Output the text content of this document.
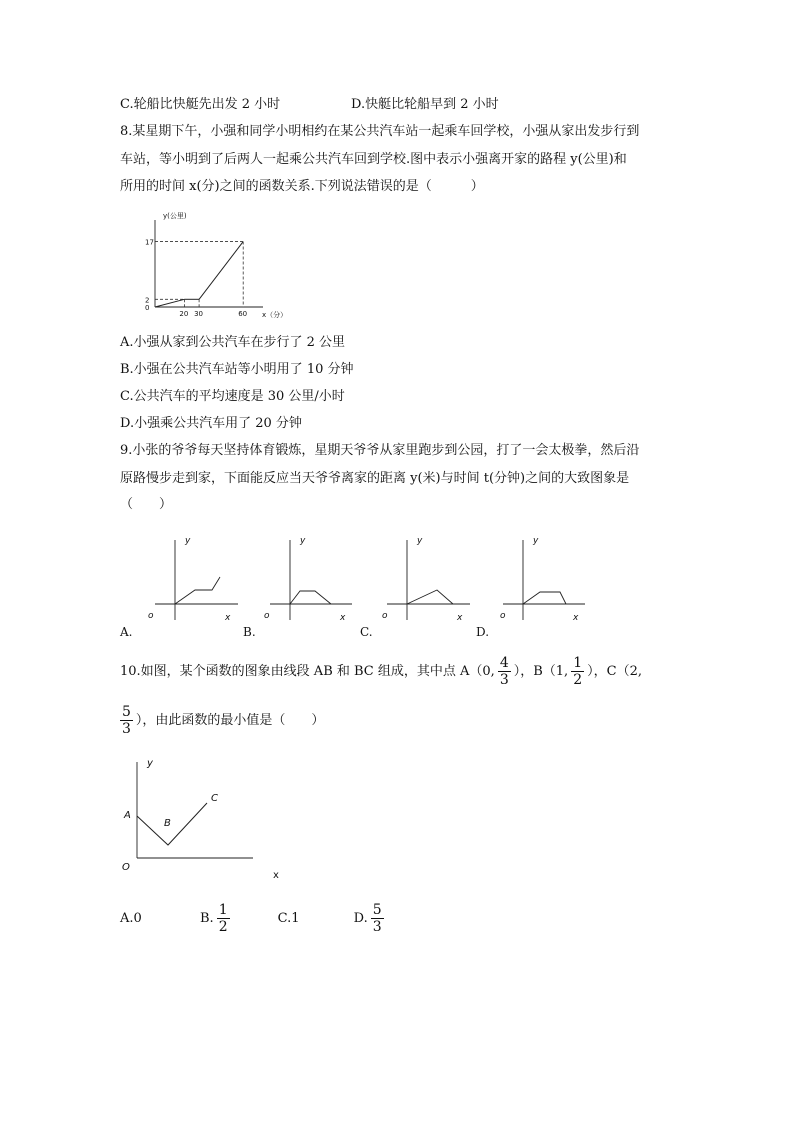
C.轮船比快艇先出发 2 小时	D.快艇比轮船早到 2 小时
8.某星期下午，小强和同学小明相约在某公共汽车站一起乘车回学校，小强从家出发步行到
车站，等小明到了后两人一起乘公共汽车回到学校.图中表示小强离开家的路程 y(公里)和
所用的时间 x(分)之间的函数关系.下列说法错误的是（　　　）
y(公里)
x（分）
17
2
0
20 30	60
A.小强从家到公共汽车在步行了 2 公里
B.小强在公共汽车站等小明用了 10 分钟
C.公共汽车的平均速度是 30 公里/小时
D.小强乘公共汽车用了 20 分钟
9.小张的爷爷每天坚持体育锻炼，星期天爷爷从家里跑步到公园，打了一会太极拳，然后沿
原路慢步走到家，下面能反应当天爷爷离家的距离 y(米)与时间 t(分钟)之间的大致图象是
（　　）
y
x
o
y
x
o
y
x
o
y
x
o
A.	B.	C.	D.
10.如图，某个函数的图象由线段 AB 和 BC 组成，其中点 A（0, $\frac{4}{3}$ ），B（1, $\frac{1}{2}$ ），C（2,
$\frac{5}{3}$ ），由此函数的最小值是（　　）
y
x
O
A
B
C
A.0	B. $\frac{1}{2}$	C.1	D. $\frac{5}{3}$
